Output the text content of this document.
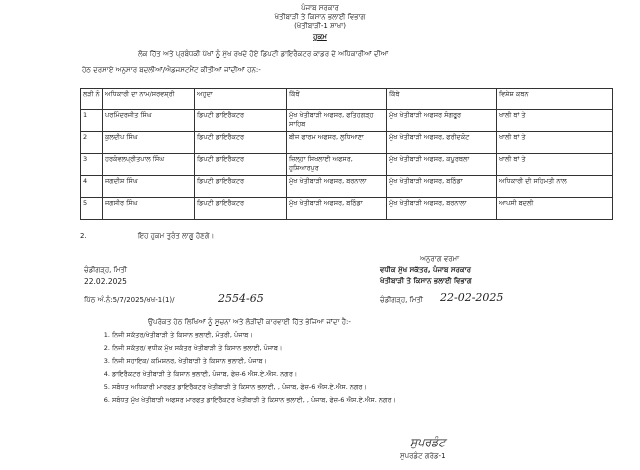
ਪੰਜਾਬ ਸਰਕਾਰ
ਖੇਤੀਬਾੜੀ ਤੇ ਕਿਸਾਨ ਭਲਾਈ ਵਿਭਾਗ
(ਖੇਤੀਬਾੜੀ-1 ਸ਼ਾਖਾ)
ਹੁਕਮ
ਲੋਕ ਹਿੱਤ ਅਤੇ ਪ੍ਰਬੰਧਕੀ ਪੱਖਾਂ ਨੂੰ ਮੁੱਖ ਰਖਦੇ ਹੋਏ ਡਿਪਟੀ ਡਾਇਰੈਕਟਰ ਕਾਡਰ ਦੇ ਅਧਿਕਾਰੀਆਂ ਦੀਆਂ
ਹੇਠ ਦਰਸਾਏ ਅਨੁਸਾਰ ਬਦਲੀਆਂ/ਐਡਜਸਟਮੈਂਟ ਕੀਤੀਆਂ ਜਾਂਦੀਆਂ ਹਨ:-
ਲੜੀ ਨੰ	ਅਧਿਕਾਰੀ ਦਾ ਨਾਮ/ਸਰਵਸ਼੍ਰੀ	ਅਹੁਦਾ	ਕਿੱਥੋਂ	ਕਿੱਥੇ	ਵਿਸ਼ੇਸ਼ ਕਥਨ
1	ਪਰਮਿੰਦਰਜੀਤ ਸਿੰਘ	ਡਿਪਟੀ ਡਾਇਰੈਕਟਰ	ਮੁੱਖ ਖੇਤੀਬਾੜੀ ਅਫਸਰ, ਫਤਿਹਗੜ੍ਹ ਸਾਹਿਬ	ਮੁੱਖ ਖੇਤੀਬਾੜੀ ਅਫਸਰ ਸੰਗਰੂਰ	ਖਾਲੀ ਥਾਂ ਤੇ
2	ਕੁਲਦੀਪ ਸਿੰਘ	ਡਿਪਟੀ ਡਾਇਰੈਕਟਰ	ਬੀਜ ਫਾਰਮ ਅਫਸਰ, ਲੁਧਿਆਣਾ	ਮੁੱਖ ਖੇਤੀਬਾੜੀ ਅਫਸਰ, ਫਰੀਦਕੋਟ	ਖਾਲੀ ਥਾਂ ਤੇ
3	ਹਰਕੰਵਲਪ੍ਰੀਤਪਾਲ ਸਿੰਘ	ਡਿਪਟੀ ਡਾਇਰੈਕਟਰ	ਜ਼ਿਲ੍ਹਾ ਸਿਖਲਾਈ ਅਫਸਰ, ਹੁਸ਼ਿਆਰਪੁਰ	ਮੁੱਖ ਖੇਤੀਬਾੜੀ ਅਫਸਰ, ਕਪੂਰਥਲਾ	ਖਾਲੀ ਥਾਂ ਤੇ
4	ਜਗਦੀਸ਼ ਸਿੰਘ	ਡਿਪਟੀ ਡਾਇਰੈਕਟਰ	ਮੁੱਖ ਖੇਤੀਬਾੜੀ ਅਫਸਰ, ਬਰਨਾਲਾ	ਮੁੱਖ ਖੇਤੀਬਾੜੀ ਅਫਸਰ, ਬਠਿੰਡਾ	ਅਧਿਕਾਰੀ ਦੀ ਸਹਿਮਤੀ ਨਾਲ
5	ਜਗਸੀਰ ਸਿੰਘ	ਡਿਪਟੀ ਡਾਇਰੈਕਟਰ	ਮੁੱਖ ਖੇਤੀਬਾੜੀ ਅਫਸਰ, ਬਠਿੰਡਾ	ਮੁੱਖ ਖੇਤੀਬਾੜੀ ਅਫਸਰ, ਬਰਨਾਲਾ	ਆਪਸੀ ਬਦਲੀ
2.	ਇਹ ਹੁਕਮ ਤੁਰੰਤ ਲਾਗੂ ਹੋਣਗੇ।
ਅਨੁਰਾਗ ਵਰਮਾ
ਵਧੀਕ ਮੁੱਖ ਸਕੱਤਰ, ਪੰਜਾਬ ਸਰਕਾਰ
ਖੇਤੀਬਾੜੀ ਤੇ ਕਿਸਾਨ ਭਲਾਈ ਵਿਭਾਗ
ਚੰਡੀਗੜ੍ਹ, ਮਿਤੀ
22.02.2025
ਪਿੱਠ ਅੰ.ਨੰ:5/7/2025/ਖਖ-1(1)/	2554-65	ਚੰਡੀਗੜ੍ਹ, ਮਿਤੀ 22-02-2025
ਉਪਰੋਕਤ ਹੇਠ ਲਿਖਿਆਂ ਨੂੰ ਸੂਚਨਾ ਅਤੇ ਲੋੜੀਂਦੀ ਕਾਰਵਾਈ ਹਿੱਤ ਭੇਜਿਆ ਜਾਂਦਾ ਹੈ:-
1. ਨਿਜੀ ਸਕੱਤਰ/ਖੇਤੀਬਾੜੀ ਤੇ ਕਿਸਾਨ ਭਲਾਈ, ਮੰਤਰੀ, ਪੰਜਾਬ।
2. ਨਿਜੀ ਸਕੱਤਰ/ ਵਧੀਕ ਮੁੱਖ ਸਕੱਤਰ ਖੇਤੀਬਾੜੀ ਤੇ ਕਿਸਾਨ ਭਲਾਈ, ਪੰਜਾਬ।
3. ਨਿਜੀ ਸਹਾਇਕ/ ਕਮਿਸ਼ਨਰ, ਖੇਤੀਬਾੜੀ ਤੇ ਕਿਸਾਨ ਭਲਾਈ, ਪੰਜਾਬ।
4. ਡਾਇਰੈਕਟਰ ਖੇਤੀਬਾੜੀ ਤੇ ਕਿਸਾਨ ਭਲਾਈ, ਪੰਜਾਬ, ਫੇਜ਼-6 ਐਸ.ਏ.ਐਸ. ਨਗਰ।
5. ਸਬੰਧਤ ਅਧਿਕਾਰੀ ਮਾਰਫਤ ਡਾਇਰੈਕਟਰ ਖੇਤੀਬਾੜੀ ਤੇ ਕਿਸਾਨ ਭਲਾਈ, , ਪੰਜਾਬ, ਫੇਜ਼-6 ਐਸ.ਏ.ਐਸ. ਨਗਰ।
6. ਸਬੰਧਤ ਮੁੱਖ ਖੇਤੀਬਾੜੀ ਅਫਸਰ ਮਾਰਫਤ ਡਾਇਰੈਕਟਰ ਖੇਤੀਬਾੜੀ ਤੇ ਕਿਸਾਨ ਭਲਾਈ, , ਪੰਜਾਬ, ਫੇਜ਼-6 ਐਸ.ਏ.ਐਸ. ਨਗਰ।
ਸੁਪਰਡੰਟ
ਸੁਪਰਡੰਟ ਗਰੇਡ-1
